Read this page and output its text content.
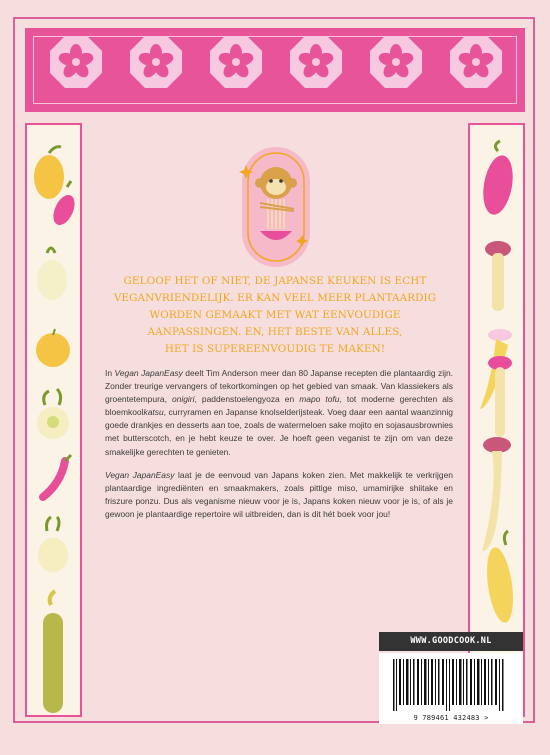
GELOOF HET OF NIET, DE JAPANSE KEUKEN IS ECHT
VEGANVRIENDELIJK. ER KAN VEEL MEER PLANTAARDIG
WORDEN GEMAAKT MET WAT EENVOUDIGE
AANPASSINGEN. EN, HET BESTE VAN ALLES,
HET IS SUPEREENVOUDIG TE MAKEN!

In Vegan JapanEasy deelt Tim Anderson meer dan 80 Japanse recepten die plantaardig zijn. Zonder treurige vervangers of tekortkomingen op het gebied van smaak. Van klassiekers als groentetempura, onigiri, paddenstoelengyoza en mapo tofu, tot moderne gerechten als bloemkoolkatsu, curryramen en Japanse knolselderijsteak. Voeg daar een aantal waanzinnig goede drankjes en desserts aan toe, zoals de watermeloen sake mojito en sojasausbrownies met butterscotch, en je hebt keuze te over. Je hoeft geen veganist te zijn om van deze smakelijke gerechten te genieten.

Vegan JapanEasy laat je de eenvoud van Japans koken zien. Met makkelijk te verkrijgen plantaardige ingrediënten en smaakmakers, zoals pittige miso, umamirijke shiitake en friszure ponzu. Dus als veganisme nieuw voor je is, Japans koken nieuw voor je is, of als je gewoon je plantaardige repertoire wil uitbreiden, dan is dit hét boek voor jou!

WWW.GOODCOOK.NL
9 789461 432483 >
